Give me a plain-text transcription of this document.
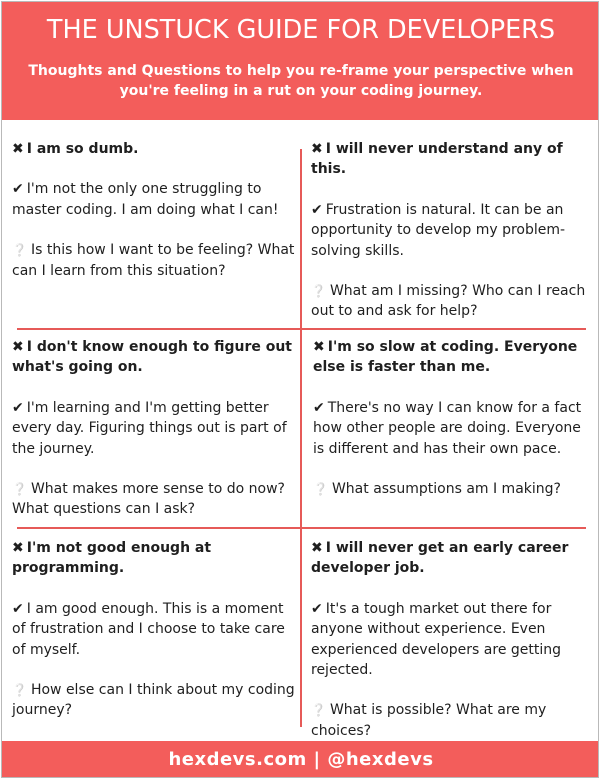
THE UNSTUCK GUIDE FOR DEVELOPERS
Thoughts and Questions to help you re-frame your perspective when you're feeling in a rut on your coding journey.
✖ I am so dumb.
✔ I'm not the only one struggling to master coding. I am doing what I can!
❔ Is this how I want to be feeling? What can I learn from this situation?
✖ I will never understand any of this.
✔ Frustration is natural. It can be an opportunity to develop my problem-solving skills.
❔ What am I missing? Who can I reach out to and ask for help?
✖ I don't know enough to figure out what's going on.
✔ I'm learning and I'm getting better every day. Figuring things out is part of the journey.
❔ What makes more sense to do now? What questions can I ask?
✖ I'm so slow at coding. Everyone else is faster than me.
✔ There's no way I can know for a fact how other people are doing. Everyone is different and has their own pace.
❔ What assumptions am I making?
✖ I'm not good enough at programming.
✔ I am good enough. This is a moment of frustration and I choose to take care of myself.
❔ How else can I think about my coding journey?
✖ I will never get an early career developer job.
✔ It's a tough market out there for anyone without experience. Even experienced developers are getting rejected.
❔ What is possible? What are my choices?
hexdevs.com | @hexdevs
